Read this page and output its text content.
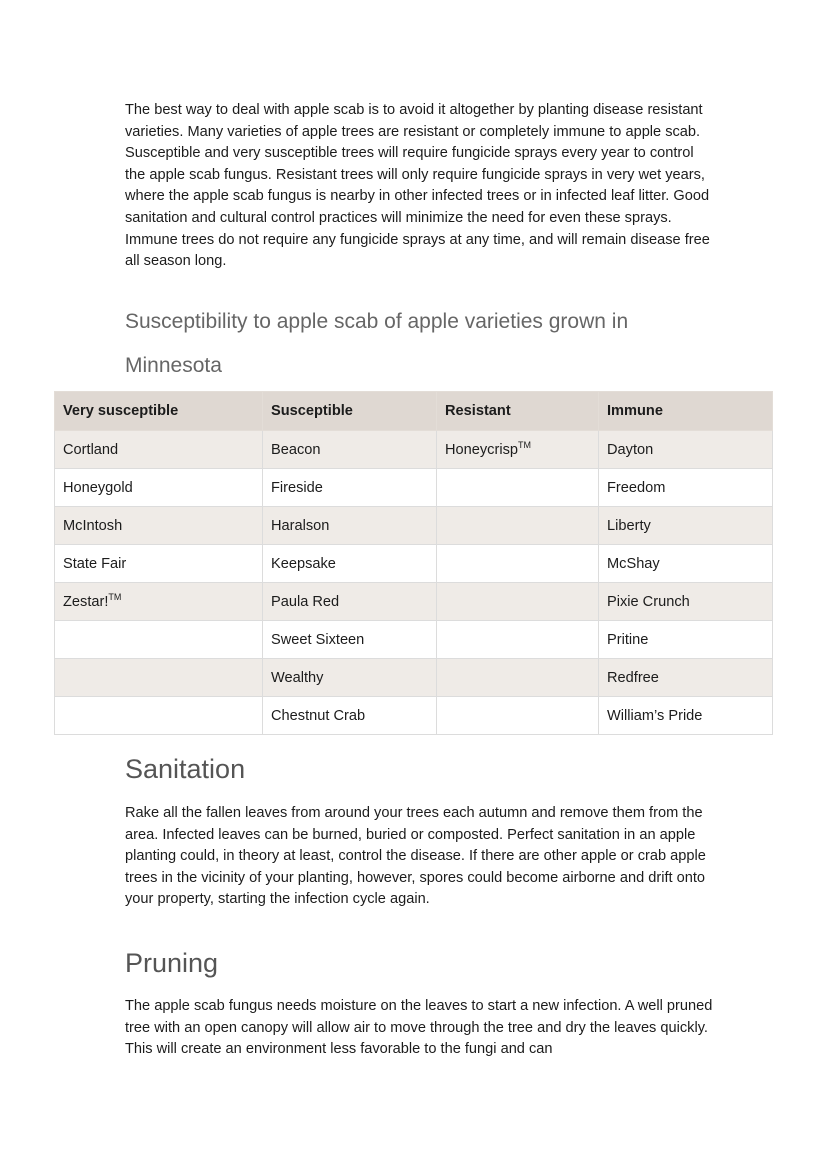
The best way to deal with apple scab is to avoid it altogether by planting disease resistant varieties. Many varieties of apple trees are resistant or completely immune to apple scab. Susceptible and very susceptible trees will require fungicide sprays every year to control the apple scab fungus. Resistant trees will only require fungicide sprays in very wet years, where the apple scab fungus is nearby in other infected trees or in infected leaf litter. Good sanitation and cultural control practices will minimize the need for even these sprays. Immune trees do not require any fungicide sprays at any time, and will remain disease free all season long.

Susceptibility to apple scab of apple varieties grown in Minnesota
Very susceptible	Susceptible	Resistant	Immune
Cortland	Beacon	Honeycrisp™	Dayton
Honeygold	Fireside		Freedom
McIntosh	Haralson		Liberty
State Fair	Keepsake		McShay
Zestar!™	Paula Red		Pixie Crunch
	Sweet Sixteen		Pritine
	Wealthy		Redfree
	Chestnut Crab		William’s Pride
Sanitation

Rake all the fallen leaves from around your trees each autumn and remove them from the area. Infected leaves can be burned, buried or composted. Perfect sanitation in an apple planting could, in theory at least, control the disease. If there are other apple or crab apple trees in the vicinity of your planting, however, spores could become airborne and drift onto your property, starting the infection cycle again.

Pruning

The apple scab fungus needs moisture on the leaves to start a new infection. A well pruned tree with an open canopy will allow air to move through the tree and dry the leaves quickly. This will create an environment less favorable to the fungi and can
